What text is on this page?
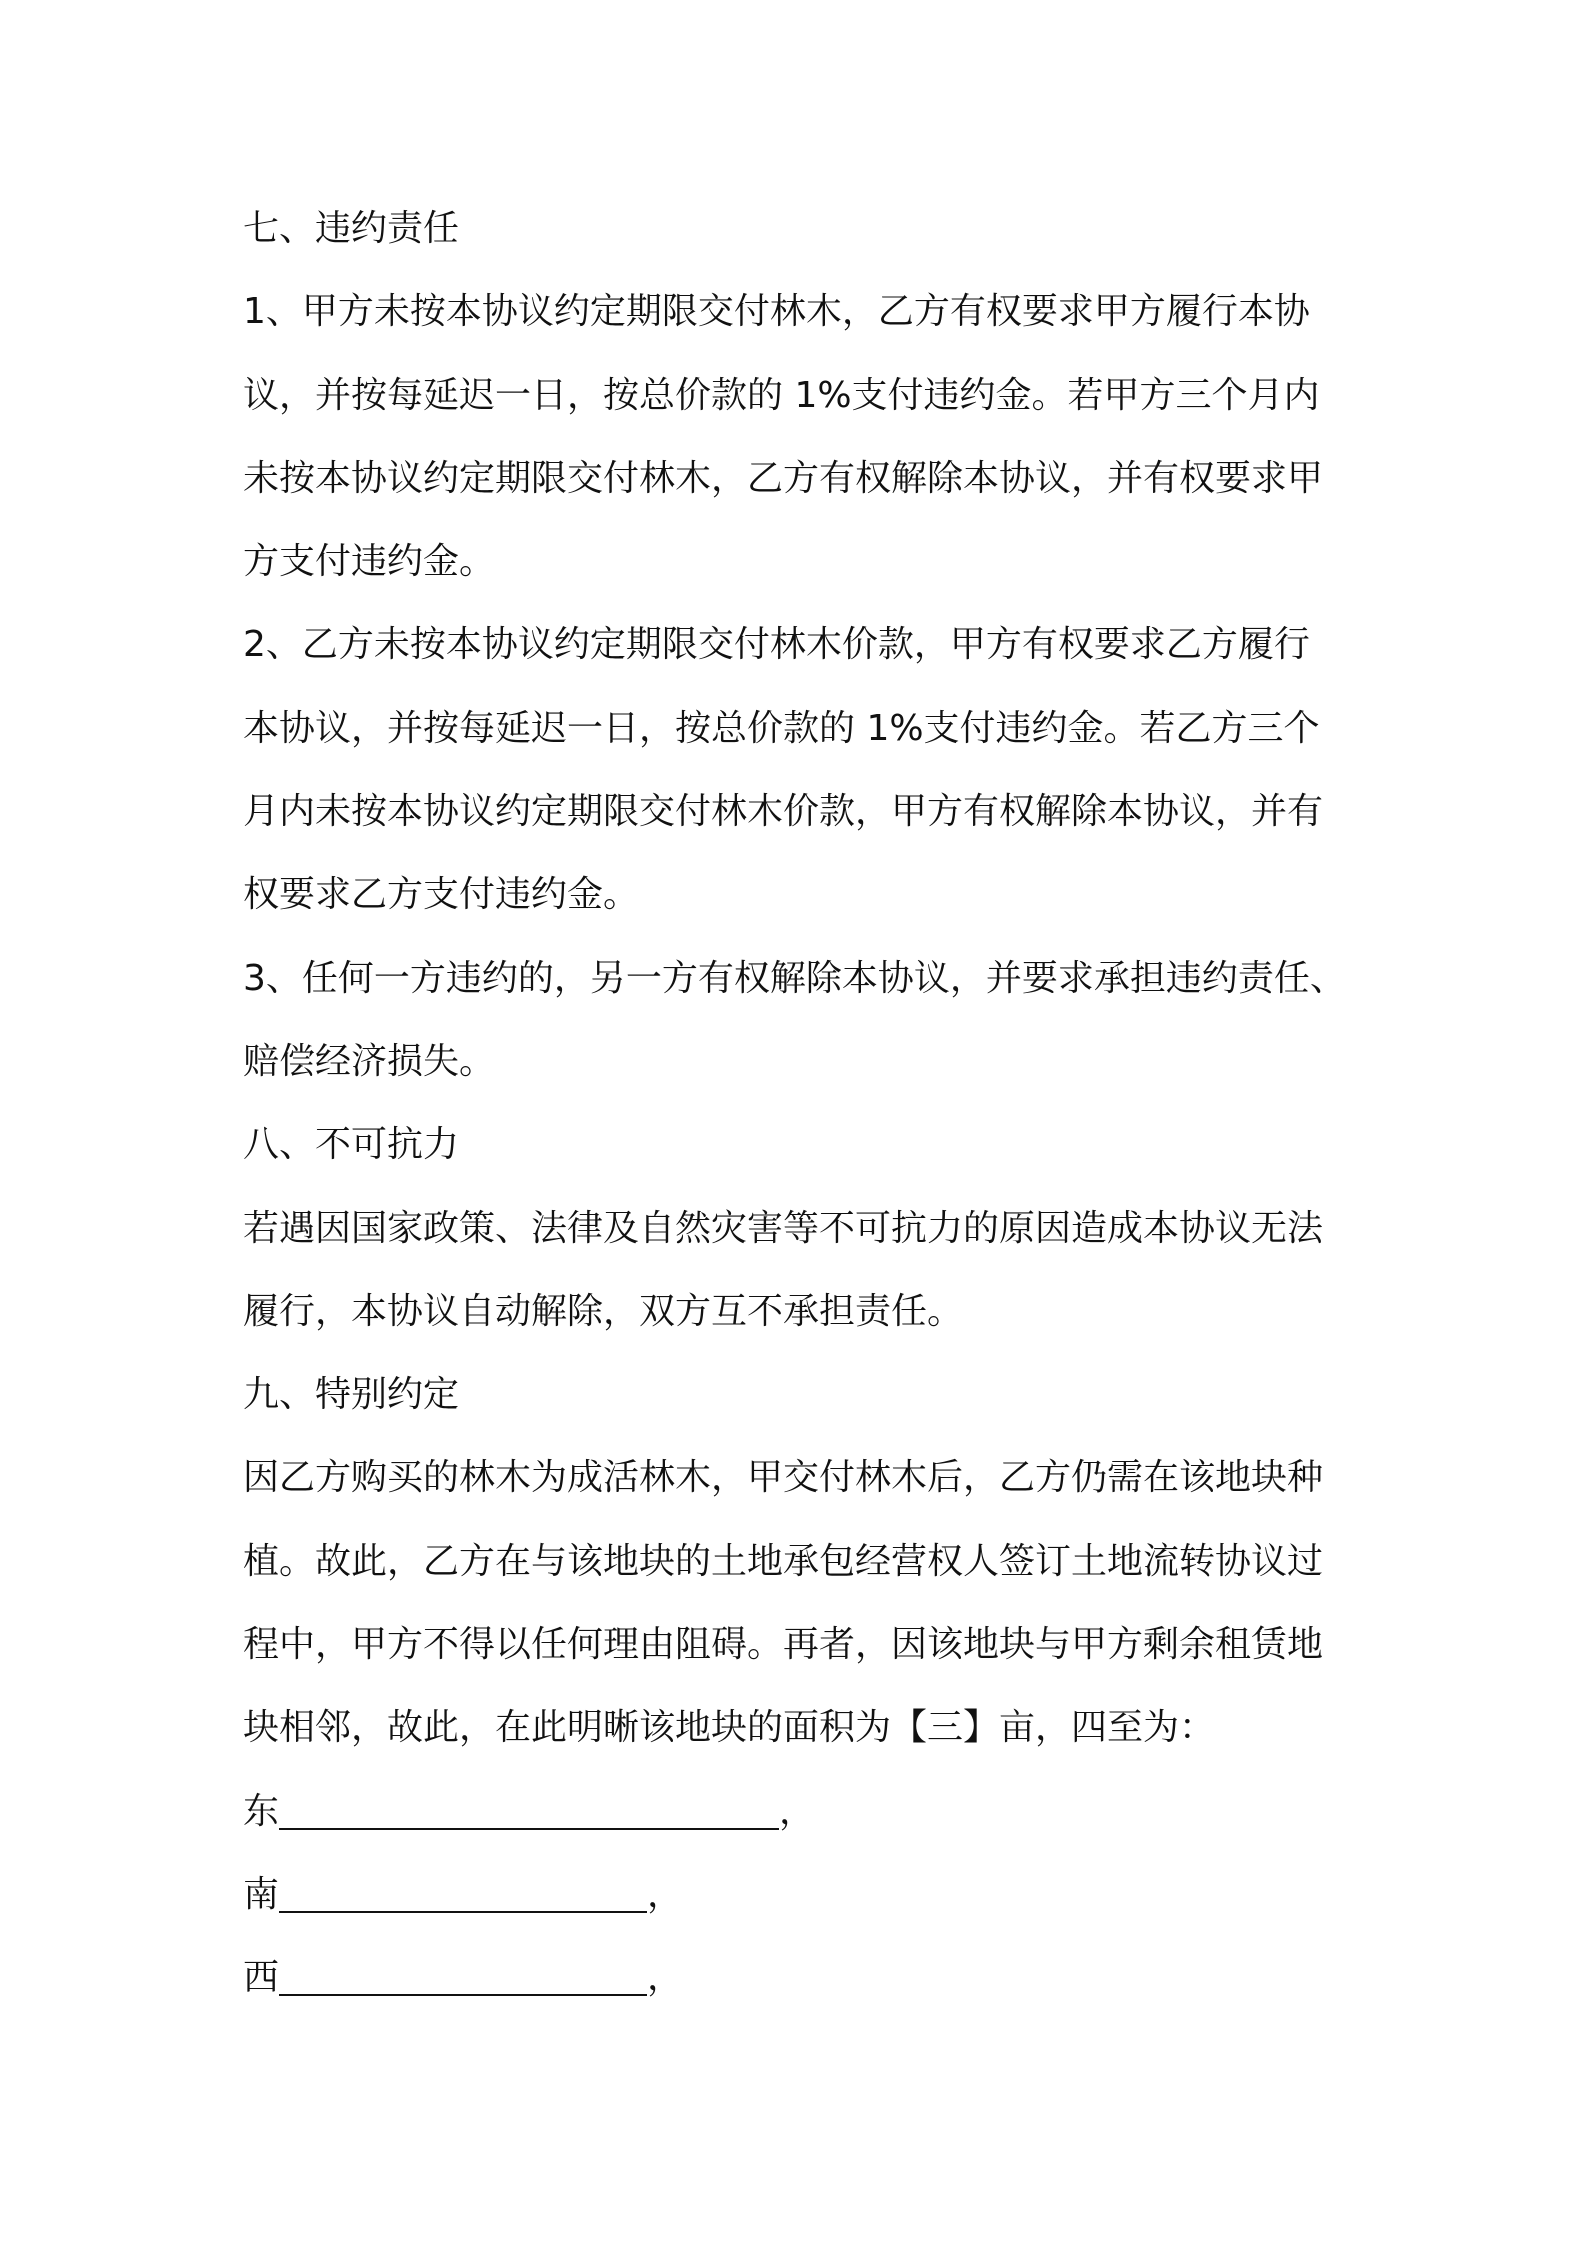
七、违约责任
1、甲方未按本协议约定期限交付林木，乙方有权要求甲方履行本协
议，并按每延迟一日，按总价款的 1%支付违约金。若甲方三个月内
未按本协议约定期限交付林木，乙方有权解除本协议，并有权要求甲
方支付违约金。
2、乙方未按本协议约定期限交付林木价款，甲方有权要求乙方履行
本协议，并按每延迟一日，按总价款的 1%支付违约金。若乙方三个
月内未按本协议约定期限交付林木价款，甲方有权解除本协议，并有
权要求乙方支付违约金。
3、任何一方违约的，另一方有权解除本协议，并要求承担违约责任、
赔偿经济损失。
八、不可抗力
若遇因国家政策、法律及自然灾害等不可抗力的原因造成本协议无法
履行，本协议自动解除，双方互不承担责任。
九、特别约定
因乙方购买的林木为成活林木，甲交付林木后，乙方仍需在该地块种
植。故此，乙方在与该地块的土地承包经营权人签订土地流转协议过
程中，甲方不得以任何理由阻碍。再者，因该地块与甲方剩余租赁地
块相邻，故此，在此明晰该地块的面积为【三】亩，四至为：
东	，
南	，
西	，
